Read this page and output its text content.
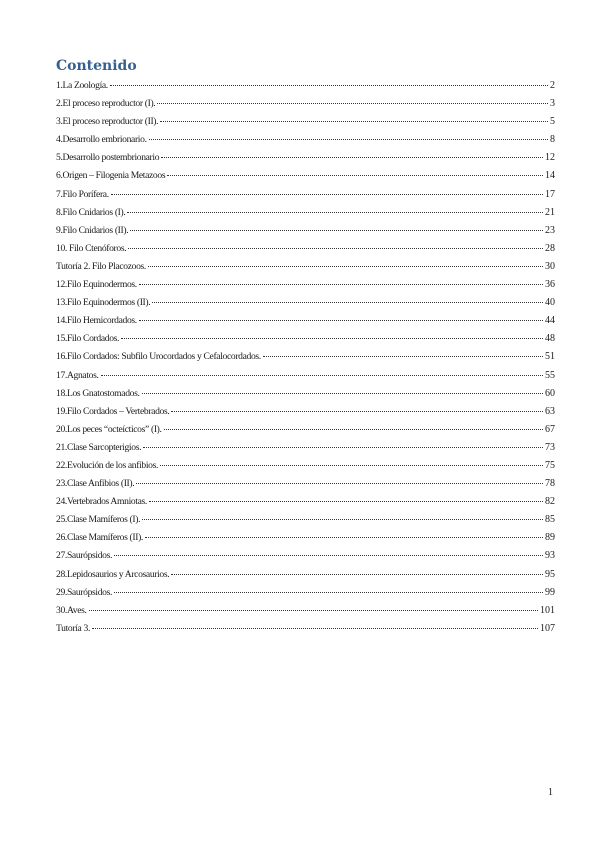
Contenido
1.La Zoología.	2
2.El proceso reproductor (I).	3
3.El proceso reproductor (II).	5
4.Desarrollo embrionario.	8
5.Desarrollo postembrionario	12
6.Origen – Filogenia Metazoos	14
7.Filo Porífera.	17
8.Filo Cnidarios (I).	21
9.Filo Cnidarios (II).	23
10. Filo Ctenóforos.	28
Tutoría 2. Filo Placozoos.	30
12.Filo Equinodermos.	36
13.Filo Equinodermos (II).	40
14.Filo Hemicordados.	44
15.Filo Cordados.	48
16.Filo Cordados: Subfilo Urocordados y Cefalocordados.	51
17.Agnatos.	55
18.Los Gnatostomados.	60
19.Filo Cordados – Vertebrados.	63
20.Los peces “octeícticos” (I).	67
21.Clase Sarcopterigios.	73
22.Evolución de los anfibios.	75
23.Clase Anfibios (II).	78
24.Vertebrados Amniotas.	82
25.Clase Mamíferos (I).	85
26.Clase Mamíferos (II).	89
27.Saurópsidos.	93
28.Lepidosaurios y Arcosaurios.	95
29.Saurópsidos.	99
30.Aves.	101
Tutoría 3.	107
1
